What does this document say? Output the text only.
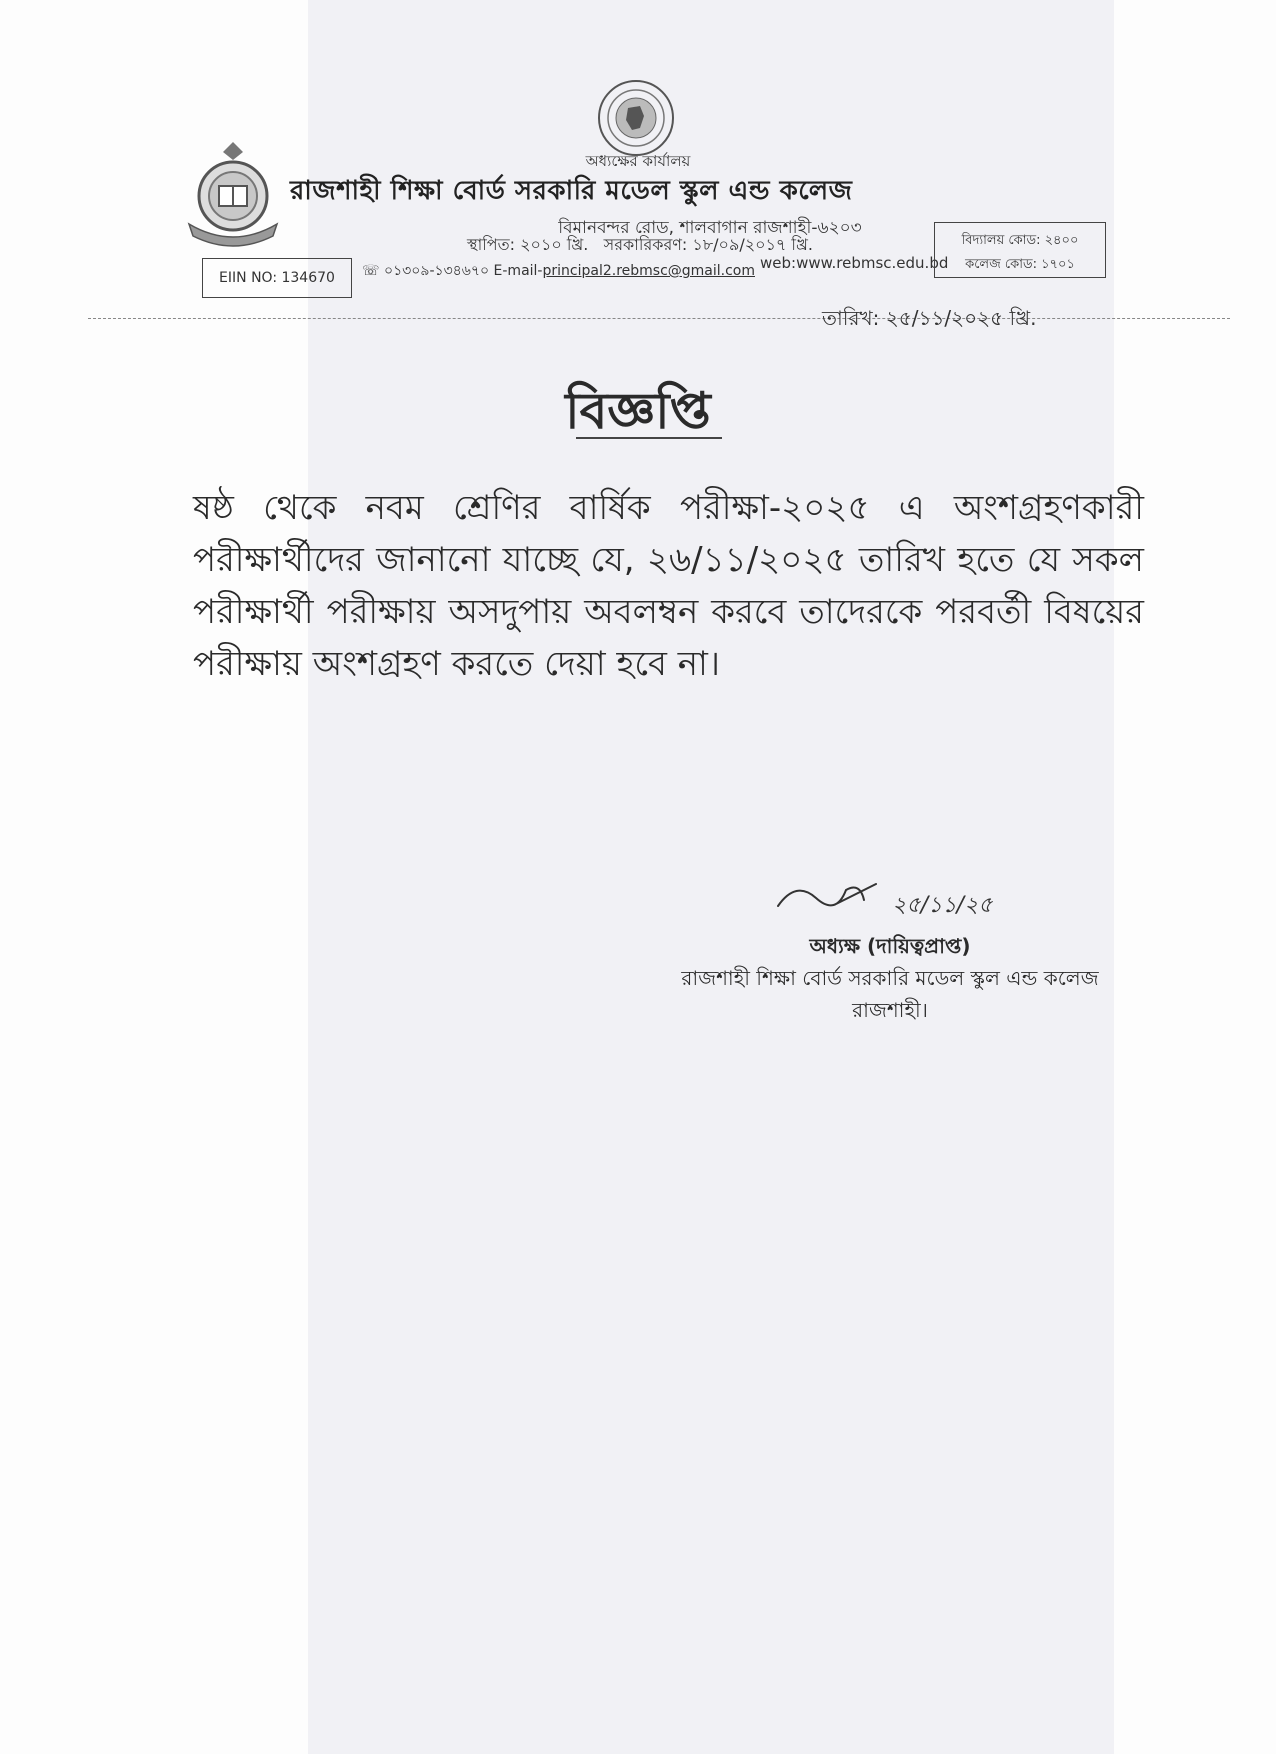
অধ্যক্ষের কার্যালয়
রাজশাহী শিক্ষা বোর্ড সরকারি মডেল স্কুল এন্ড কলেজ
বিমানবন্দর রোড, শালবাগান রাজশাহী-৬২০৩
স্থাপিত: ২০১০ খ্রি. সরকারিকরণ: ১৮/০৯/২০১৭ খ্রি.
EIIN NO: 134670	☏ ০১৩০৯-১৩৪৬৭০ E-mail-principal2.rebmsc@gmail.com web:www.rebmsc.edu.bd
বিদ্যালয় কোড: ২৪০০
কলেজ কোড: ১৭০১
তারিখ: ২৫/১১/২০২৫ খ্রি.
বিজ্ঞপ্তি
ষষ্ঠ থেকে নবম শ্রেণির বার্ষিক পরীক্ষা-২০২৫ এ অংশগ্রহণকারী পরীক্ষার্থীদের জানানো যাচ্ছে যে, ২৬/১১/২০২৫ তারিখ হতে যে সকল পরীক্ষার্থী পরীক্ষায় অসদুপায় অবলম্বন করবে তাদেরকে পরবর্তী বিষয়ের পরীক্ষায় অংশগ্রহণ করতে দেয়া হবে না।
২৫/১১/২৫
অধ্যক্ষ (দায়িত্বপ্রাপ্ত)
রাজশাহী শিক্ষা বোর্ড সরকারি মডেল স্কুল এন্ড কলেজ
রাজশাহী।
